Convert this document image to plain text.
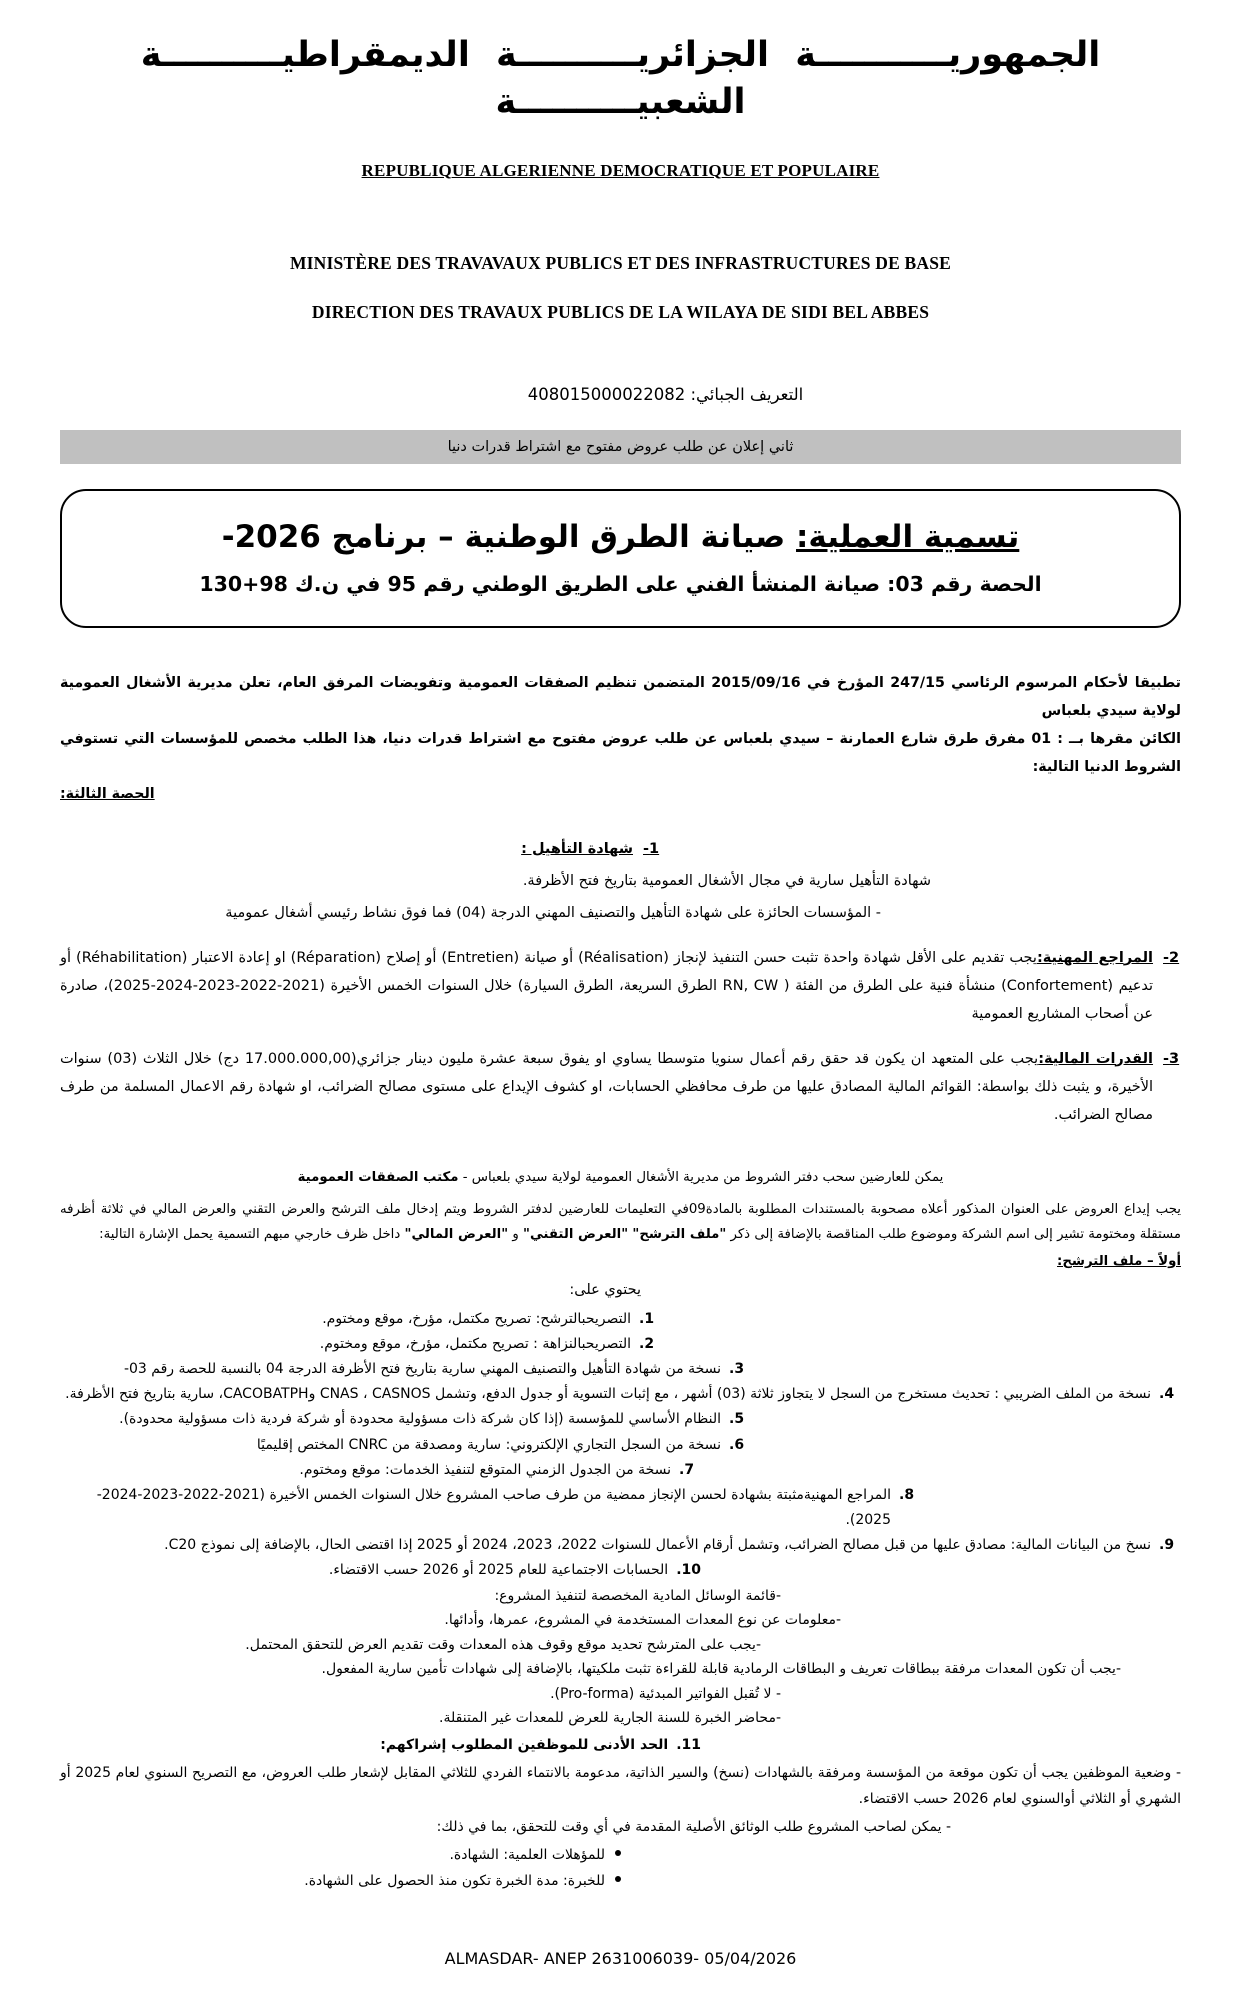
الجمهوريـــــــــــة الجزائريــــــــــة الديمقراطيــــــــــة الشعبيــــــــــة
REPUBLIQUE ALGERIENNE DEMOCRATIQUE ET POPULAIRE
MINISTÈRE DES TRAVAVAUX PUBLICS ET DES INFRASTRUCTURES DE BASE
DIRECTION DES TRAVAUX PUBLICS DE LA WILAYA DE SIDI BEL ABBES
التعريف الجبائي: 408015000022082
ثاني إعلان عن طلب عروض مفتوح مع اشتراط قدرات دنيا
تسمية العملية: صيانة الطرق الوطنية – برنامج 2026-
الحصة رقم 03: صيانة المنشأ الفني على الطريق الوطني رقم 95 في ن.ك 98+130
تطبيقا لأحكام المرسوم الرئاسي 247/15 المؤرخ في 2015/09/16 المتضمن تنظيم الصفقات العمومية وتفويضات المرفق العام، تعلن مديرية الأشغال العمومية لولاية سيدي بلعباس
الكائن مقرها بــ : 01 مفرق طرق شارع العمارنة – سيدي بلعباس عن طلب عروض مفتوح مع اشتراط قدرات دنيا، هذا الطلب مخصص للمؤسسات التي تستوفي الشروط الدنيا التالية:
الحصة الثالثة:
1-
شهادة التأهيل :
شهادة التأهيل سارية في مجال الأشغال العمومية بتاريخ فتح الأظرفة.
- المؤسسات الحائزة على شهادة التأهيل والتصنيف المهني الدرجة (04) فما فوق نشاط رئيسي أشغال عمومية
2-
المراجع المهنية:يجب تقديم على الأقل شهادة واحدة تثبت حسن التنفيذ لإنجاز (Réalisation) أو صيانة (Entretien) أو إصلاح (Réparation) او إعادة الاعتبار (Réhabilitation) أو تدعيم (Confortement) منشأة فنية على الطرق من الفئة ( RN, CW الطرق السريعة، الطرق السيارة) خلال السنوات الخمس الأخيرة (2021-2022-2023-2024-2025)، صادرة عن أصحاب المشاريع العمومية
3-
القدرات المالية:يجب على المتعهد ان يكون قد حقق رقم أعمال سنويا متوسطا يساوي او يفوق سبعة عشرة مليون دينار جزائري(17.000.000,00 دج) خلال الثلاث (03) سنوات الأخيرة، و يثبت ذلك بواسطة: القوائم المالية المصادق عليها من طرف محافظي الحسابات، او كشوف الإيداع على مستوى مصالح الضرائب، او شهادة رقم الاعمال المسلمة من طرف مصالح الضرائب.
يمكن للعارضين سحب دفتر الشروط من مديرية الأشغال العمومية لولاية سيدي بلعباس - مكتب الصفقات العمومية
يجب إيداع العروض على العنوان المذكور أعلاه مصحوبة بالمستندات المطلوبة بالمادة09في التعليمات للعارضين لدفتر الشروط ويتم إدخال ملف الترشح والعرض التقني والعرض المالي في ثلاثة أظرفه مستقلة ومختومة تشير إلى اسم الشركة وموضوع طلب المناقصة بالإضافة إلى ذكر "ملف الترشح" "العرض التقني" و "العرض المالي" داخل ظرف خارجي مبهم التسمية يحمل الإشارة التالية:
أولاً – ملف الترشح:
يحتوي على:
1.
التصريحبالترشح: تصريح مكتمل، مؤرخ، موقع ومختوم.
2.
التصريحبالنزاهة : تصريح مكتمل، مؤرخ، موقع ومختوم.
3.
نسخة من شهادة التأهيل والتصنيف المهني سارية بتاريخ فتح الأظرفة الدرجة 04 بالنسبة للحصة رقم 03-
4.
نسخة من الملف الضريبي : تحديث مستخرج من السجل لا يتجاوز ثلاثة (03) أشهر ، مع إثبات التسوية أو جدول الدفع، وتشمل CNAS ، CASNOS وCACOBATPH، سارية بتاريخ فتح الأظرفة.
5.
النظام الأساسي للمؤسسة (إذا كان شركة ذات مسؤولية محدودة أو شركة فردية ذات مسؤولية محدودة).
6.
نسخة من السجل التجاري الإلكتروني: سارية ومصدقة من CNRC المختص إقليميًا
7.
نسخة من الجدول الزمني المتوقع لتنفيذ الخدمات: موقع ومختوم.
8.
المراجع المهنيةمثبتة بشهادة لحسن الإنجاز ممضية من طرف صاحب المشروع خلال السنوات الخمس الأخيرة (2021-2022-2023-2024-2025).
9.
نسخ من البيانات المالية: مصادق عليها من قبل مصالح الضرائب، وتشمل أرقام الأعمال للسنوات 2022، 2023، 2024 أو 2025 إذا اقتضى الحال، بالإضافة إلى نموذج C20.
10.
الحسابات الاجتماعية للعام 2025 أو 2026 حسب الاقتضاء.
-قائمة الوسائل المادية المخصصة لتنفيذ المشروع:
-معلومات عن نوع المعدات المستخدمة في المشروع، عمرها، وأدائها.
-يجب على المترشح تحديد موقع وقوف هذه المعدات وقت تقديم العرض للتحقق المحتمل.
-يجب أن تكون المعدات مرفقة ببطاقات تعريف و البطاقات الرمادية قابلة للقراءة تثبت ملكيتها، بالإضافة إلى شهادات تأمين سارية المفعول.
- لا تُقبل الفواتير المبدئية (Pro-forma).
-محاضر الخبرة للسنة الجارية للعرض للمعدات غير المتنقلة.
11.
الحد الأدنى للموظفين المطلوب إشراكهم:
- وضعية الموظفين يجب أن تكون موقعة من المؤسسة ومرفقة بالشهادات (نسخ) والسير الذاتية، مدعومة بالانتماء الفردي للثلاثي المقابل لإشعار طلب العروض، مع التصريح السنوي لعام 2025 أو الشهري أو الثلاثي أوالسنوي لعام 2026 حسب الاقتضاء.
- يمكن لصاحب المشروع طلب الوثائق الأصلية المقدمة في أي وقت للتحقق، بما في ذلك:
للمؤهلات العلمية: الشهادة.
للخبرة: مدة الخبرة تكون منذ الحصول على الشهادة.
ALMASDAR- ANEP 2631006039- 05/04/2026
